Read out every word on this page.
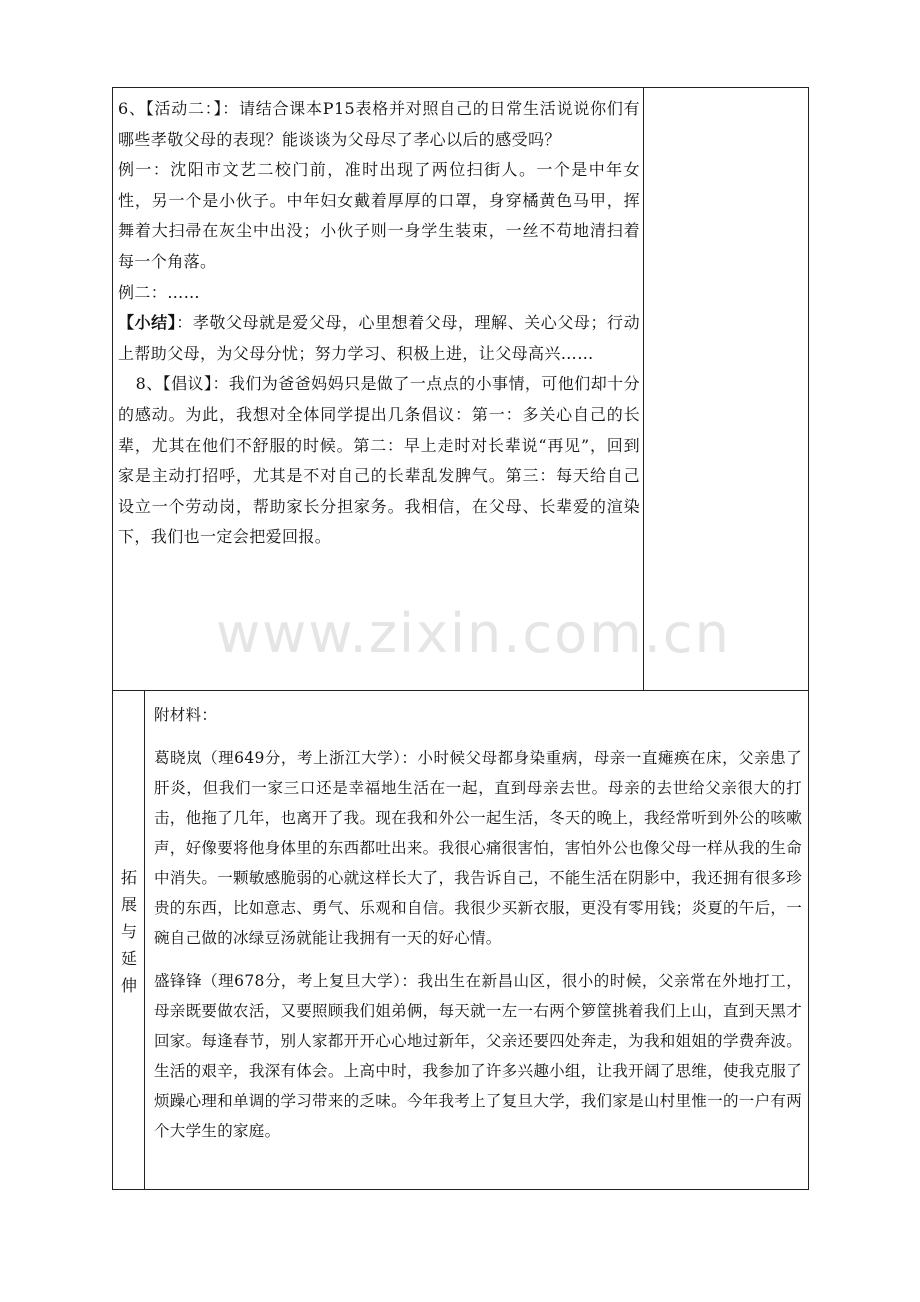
6、【活动二：】：请结合课本P15表格并对照自己的日常生活说说你们有哪些孝敬父母的表现？能谈谈为父母尽了孝心以后的感受吗？

例一：沈阳市文艺二校门前，准时出现了两位扫街人。一个是中年女性，另一个是小伙子。中年妇女戴着厚厚的口罩，身穿橘黄色马甲，挥舞着大扫帚在灰尘中出没；小伙子则一身学生装束，一丝不苟地清扫着每一个角落。

例二：……

【小结】：孝敬父母就是爱父母，心里想着父母，理解、关心父母；行动上帮助父母，为父母分忧；努力学习、积极上进，让父母高兴……

8、【倡议】：我们为爸爸妈妈只是做了一点点的小事情，可他们却十分的感动。为此，我想对全体同学提出几条倡议：第一：多关心自己的长辈，尤其在他们不舒服的时候。第二：早上走时对长辈说“再见”，回到家是主动打招呼，尤其是不对自己的长辈乱发脾气。第三：每天给自己设立一个劳动岗，帮助家长分担家务。我相信，在父母、长辈爱的渲染下，我们也一定会把爱回报。

拓
展
与
延
伸

附材料：

葛晓岚（理649分，考上浙江大学）：小时候父母都身染重病，母亲一直瘫痪在床，父亲患了肝炎，但我们一家三口还是幸福地生活在一起，直到母亲去世。母亲的去世给父亲很大的打击，他拖了几年，也离开了我。现在我和外公一起生活，冬天的晚上，我经常听到外公的咳嗽声，好像要将他身体里的东西都吐出来。我很心痛很害怕，害怕外公也像父母一样从我的生命中消失。一颗敏感脆弱的心就这样长大了，我告诉自己，不能生活在阴影中，我还拥有很多珍贵的东西，比如意志、勇气、乐观和自信。我很少买新衣服，更没有零用钱；炎夏的午后，一碗自己做的冰绿豆汤就能让我拥有一天的好心情。

盛锋锋（理678分，考上复旦大学）：我出生在新昌山区，很小的时候，父亲常在外地打工，母亲既要做农活，又要照顾我们姐弟俩，每天就一左一右两个箩筐挑着我们上山，直到天黑才回家。每逢春节，别人家都开开心心地过新年，父亲还要四处奔走，为我和姐姐的学费奔波。生活的艰辛，我深有体会。上高中时，我参加了许多兴趣小组，让我开阔了思维，使我克服了烦躁心理和单调的学习带来的乏味。今年我考上了复旦大学，我们家是山村里惟一的一户有两个大学生的家庭。

www.zixin.com.cn
